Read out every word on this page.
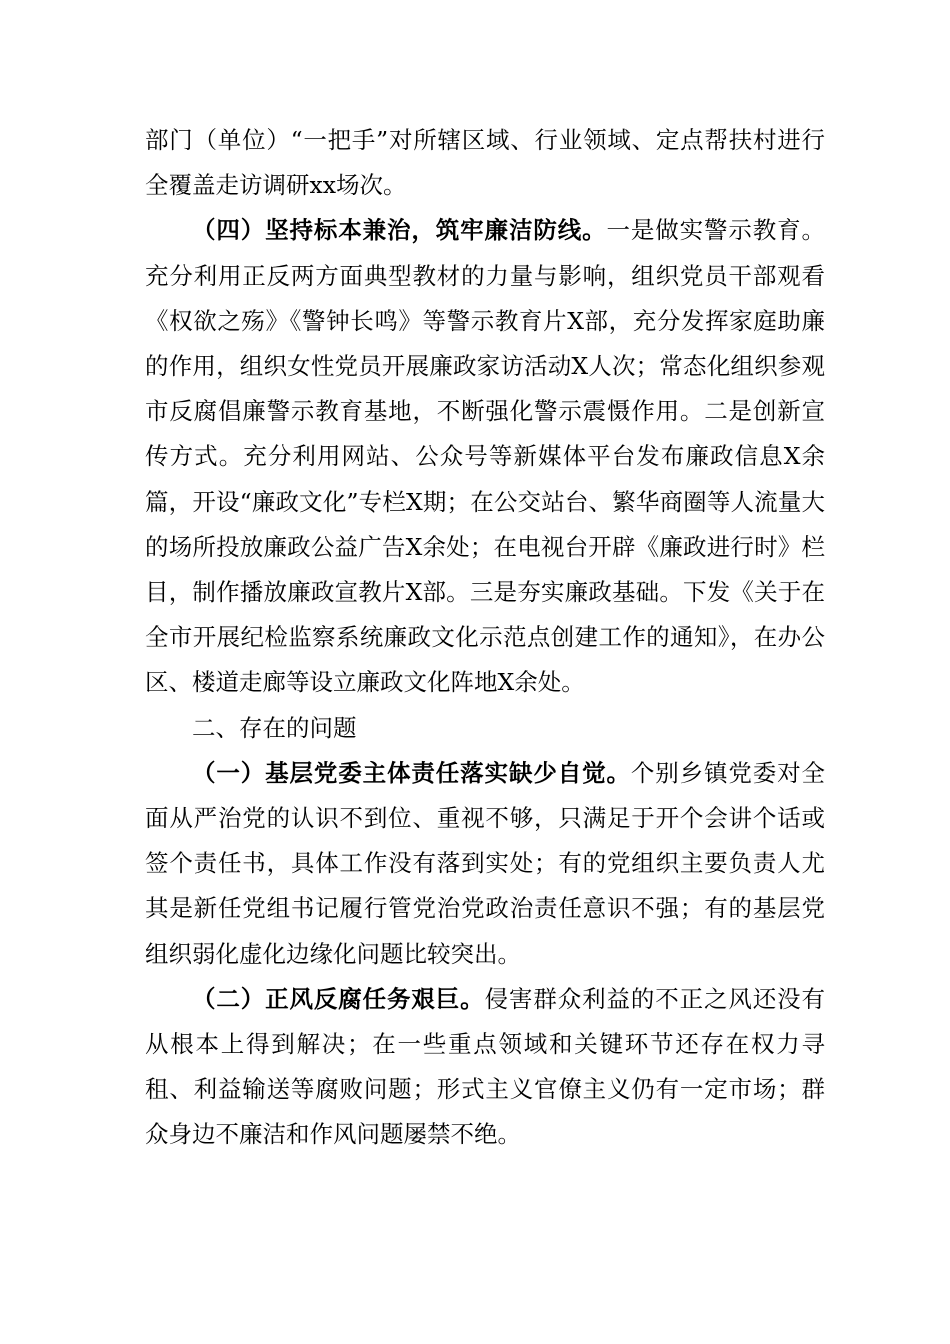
部门（单位）“一把手”对所辖区域、行业领域、定点帮扶村进行全覆盖走访调研xx场次。

（四）坚持标本兼治，筑牢廉洁防线。一是做实警示教育。充分利用正反两方面典型教材的力量与影响，组织党员干部观看《权欲之殇》《警钟长鸣》等警示教育片X部，充分发挥家庭助廉的作用，组织女性党员开展廉政家访活动X人次；常态化组织参观市反腐倡廉警示教育基地，不断强化警示震慑作用。二是创新宣传方式。充分利用网站、公众号等新媒体平台发布廉政信息X余篇，开设“廉政文化”专栏X期；在公交站台、繁华商圈等人流量大的场所投放廉政公益广告X余处；在电视台开辟《廉政进行时》栏目，制作播放廉政宣教片X部。三是夯实廉政基础。下发《关于在全市开展纪检监察系统廉政文化示范点创建工作的通知》，在办公区、楼道走廊等设立廉政文化阵地X余处。

二、存在的问题

（一）基层党委主体责任落实缺少自觉。个别乡镇党委对全面从严治党的认识不到位、重视不够，只满足于开个会讲个话或签个责任书，具体工作没有落到实处；有的党组织主要负责人尤其是新任党组书记履行管党治党政治责任意识不强；有的基层党组织弱化虚化边缘化问题比较突出。

（二）正风反腐任务艰巨。侵害群众利益的不正之风还没有从根本上得到解决；在一些重点领域和关键环节还存在权力寻租、利益输送等腐败问题；形式主义官僚主义仍有一定市场；群众身边不廉洁和作风问题屡禁不绝。
